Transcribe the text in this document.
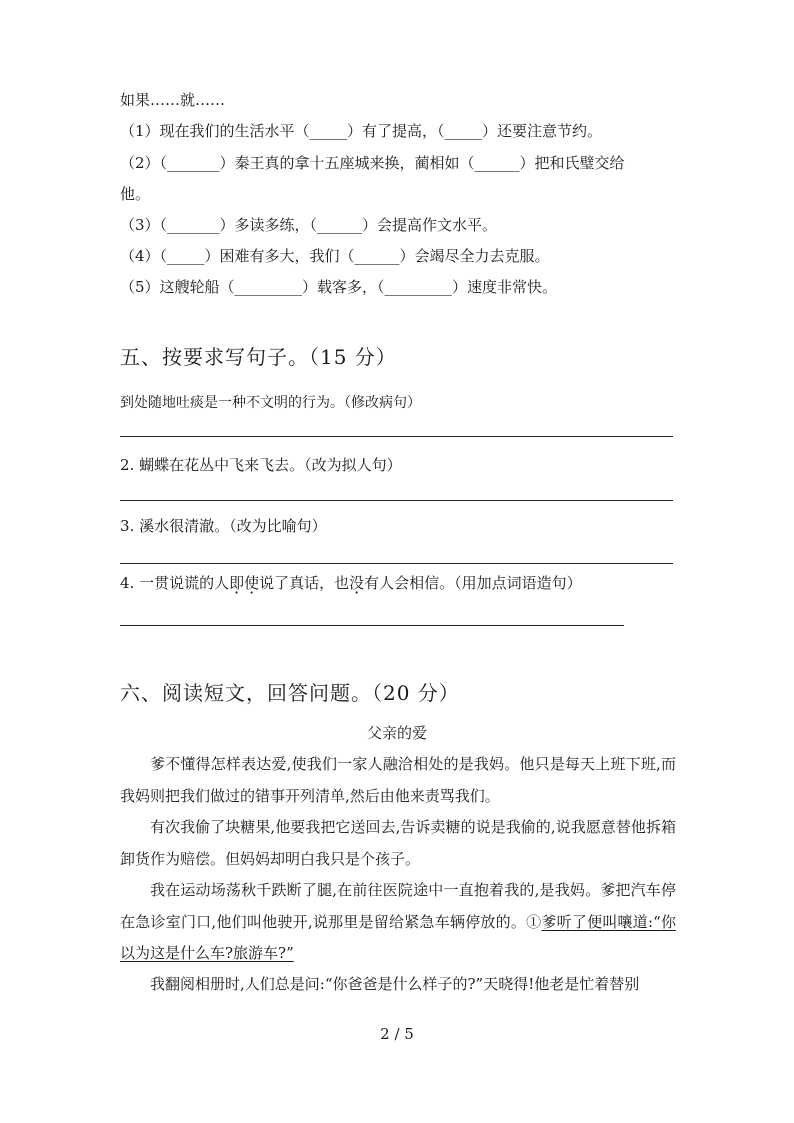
如果……就……
（1）现在我们的生活水平（_____）有了提高，（_____）还要注意节约。
（2）（_______）秦王真的拿十五座城来换，蔺相如（______）把和氏璧交给
他。
（3）（_______）多读多练，（______）会提高作文水平。
（4）（_____）困难有多大，我们（______）会竭尽全力去克服。
（5）这艘轮船（_________）载客多，（_________）速度非常快。
五、按要求写句子。（15 分）
到处随地吐痰是一种不文明的行为。（修改病句）
2. 蝴蝶在花丛中飞来飞去。（改为拟人句）
3. 溪水很清澈。（改为比喻句）
4. 一贯说谎的人即使说了真话，也没有人会相信。（用加点词语造句）
六、阅读短文，回答问题。（20 分）
父亲的爱
爹不懂得怎样表达爱,使我们一家人融洽相处的是我妈。他只是每天上班下班,而我妈则把我们做过的错事开列清单,然后由他来责骂我们。
有次我偷了块糖果,他要我把它送回去,告诉卖糖的说是我偷的,说我愿意替他拆箱卸货作为赔偿。但妈妈却明白我只是个孩子。
我在运动场荡秋千跌断了腿,在前往医院途中一直抱着我的,是我妈。爹把汽车停在急诊室门口,他们叫他驶开,说那里是留给紧急车辆停放的。①爹听了便叫嚷道:“你以为这是什么车?旅游车?”
我翻阅相册时,人们总是问:“你爸爸是什么样子的?”天晓得!他老是忙着替别
2 / 5
